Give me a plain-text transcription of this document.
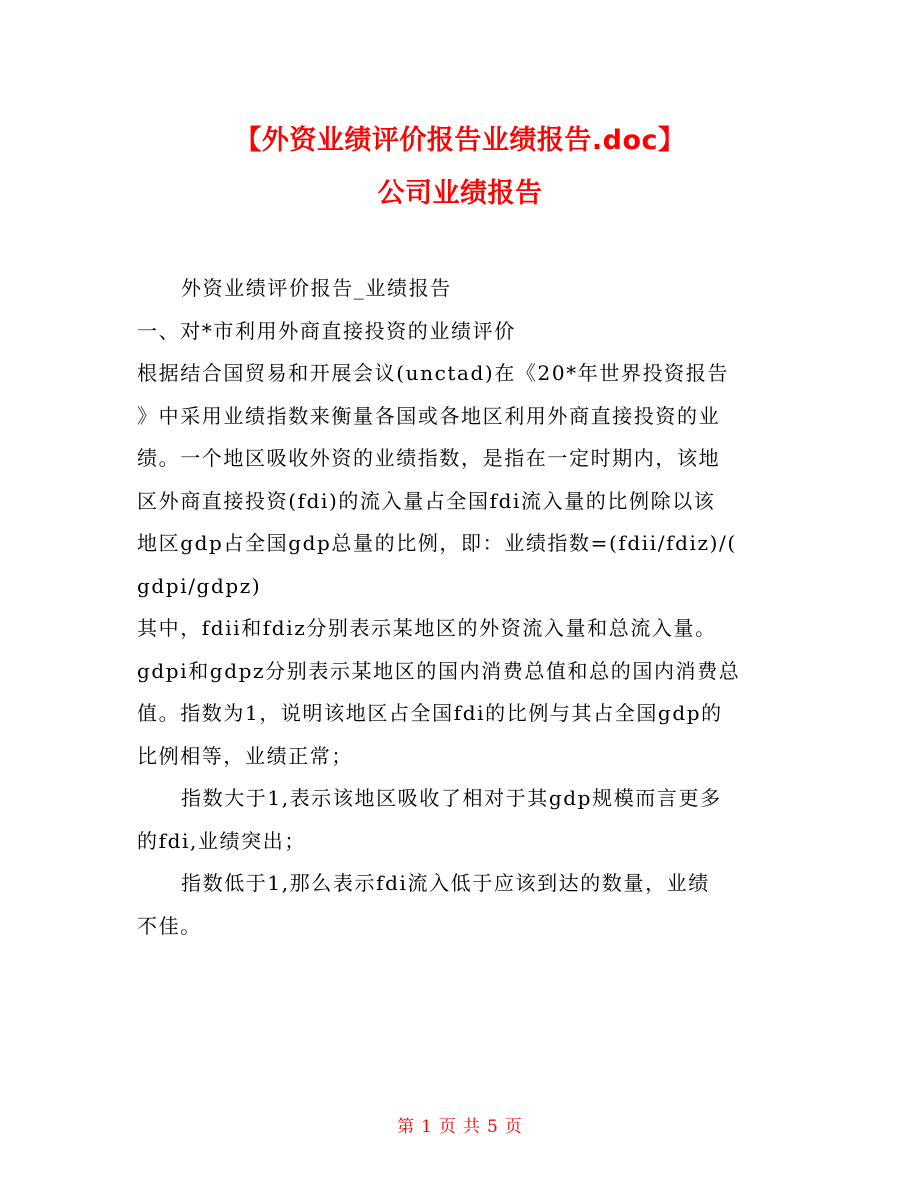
【外资业绩评价报告业绩报告.doc】
公司业绩报告

外资业绩评价报告_业绩报告

一、对*市利用外商直接投资的业绩评价

根据结合国贸易和开展会议(unctad)在《20*年世界投资报告

》中采用业绩指数来衡量各国或各地区利用外商直接投资的业

绩。一个地区吸收外资的业绩指数，是指在一定时期内，该地

区外商直接投资(fdi)的流入量占全国fdi流入量的比例除以该

地区gdp占全国gdp总量的比例，即：业绩指数=(fdii/fdiz)/(

gdpi/gdpz)

其中，fdii和fdiz分别表示某地区的外资流入量和总流入量。

gdpi和gdpz分别表示某地区的国内消费总值和总的国内消费总

值。指数为1，说明该地区占全国fdi的比例与其占全国gdp的

比例相等，业绩正常；

指数大于1,表示该地区吸收了相对于其gdp规模而言更多

的fdi,业绩突出；

指数低于1,那么表示fdi流入低于应该到达的数量，业绩

不佳。

第 1 页 共 5 页
